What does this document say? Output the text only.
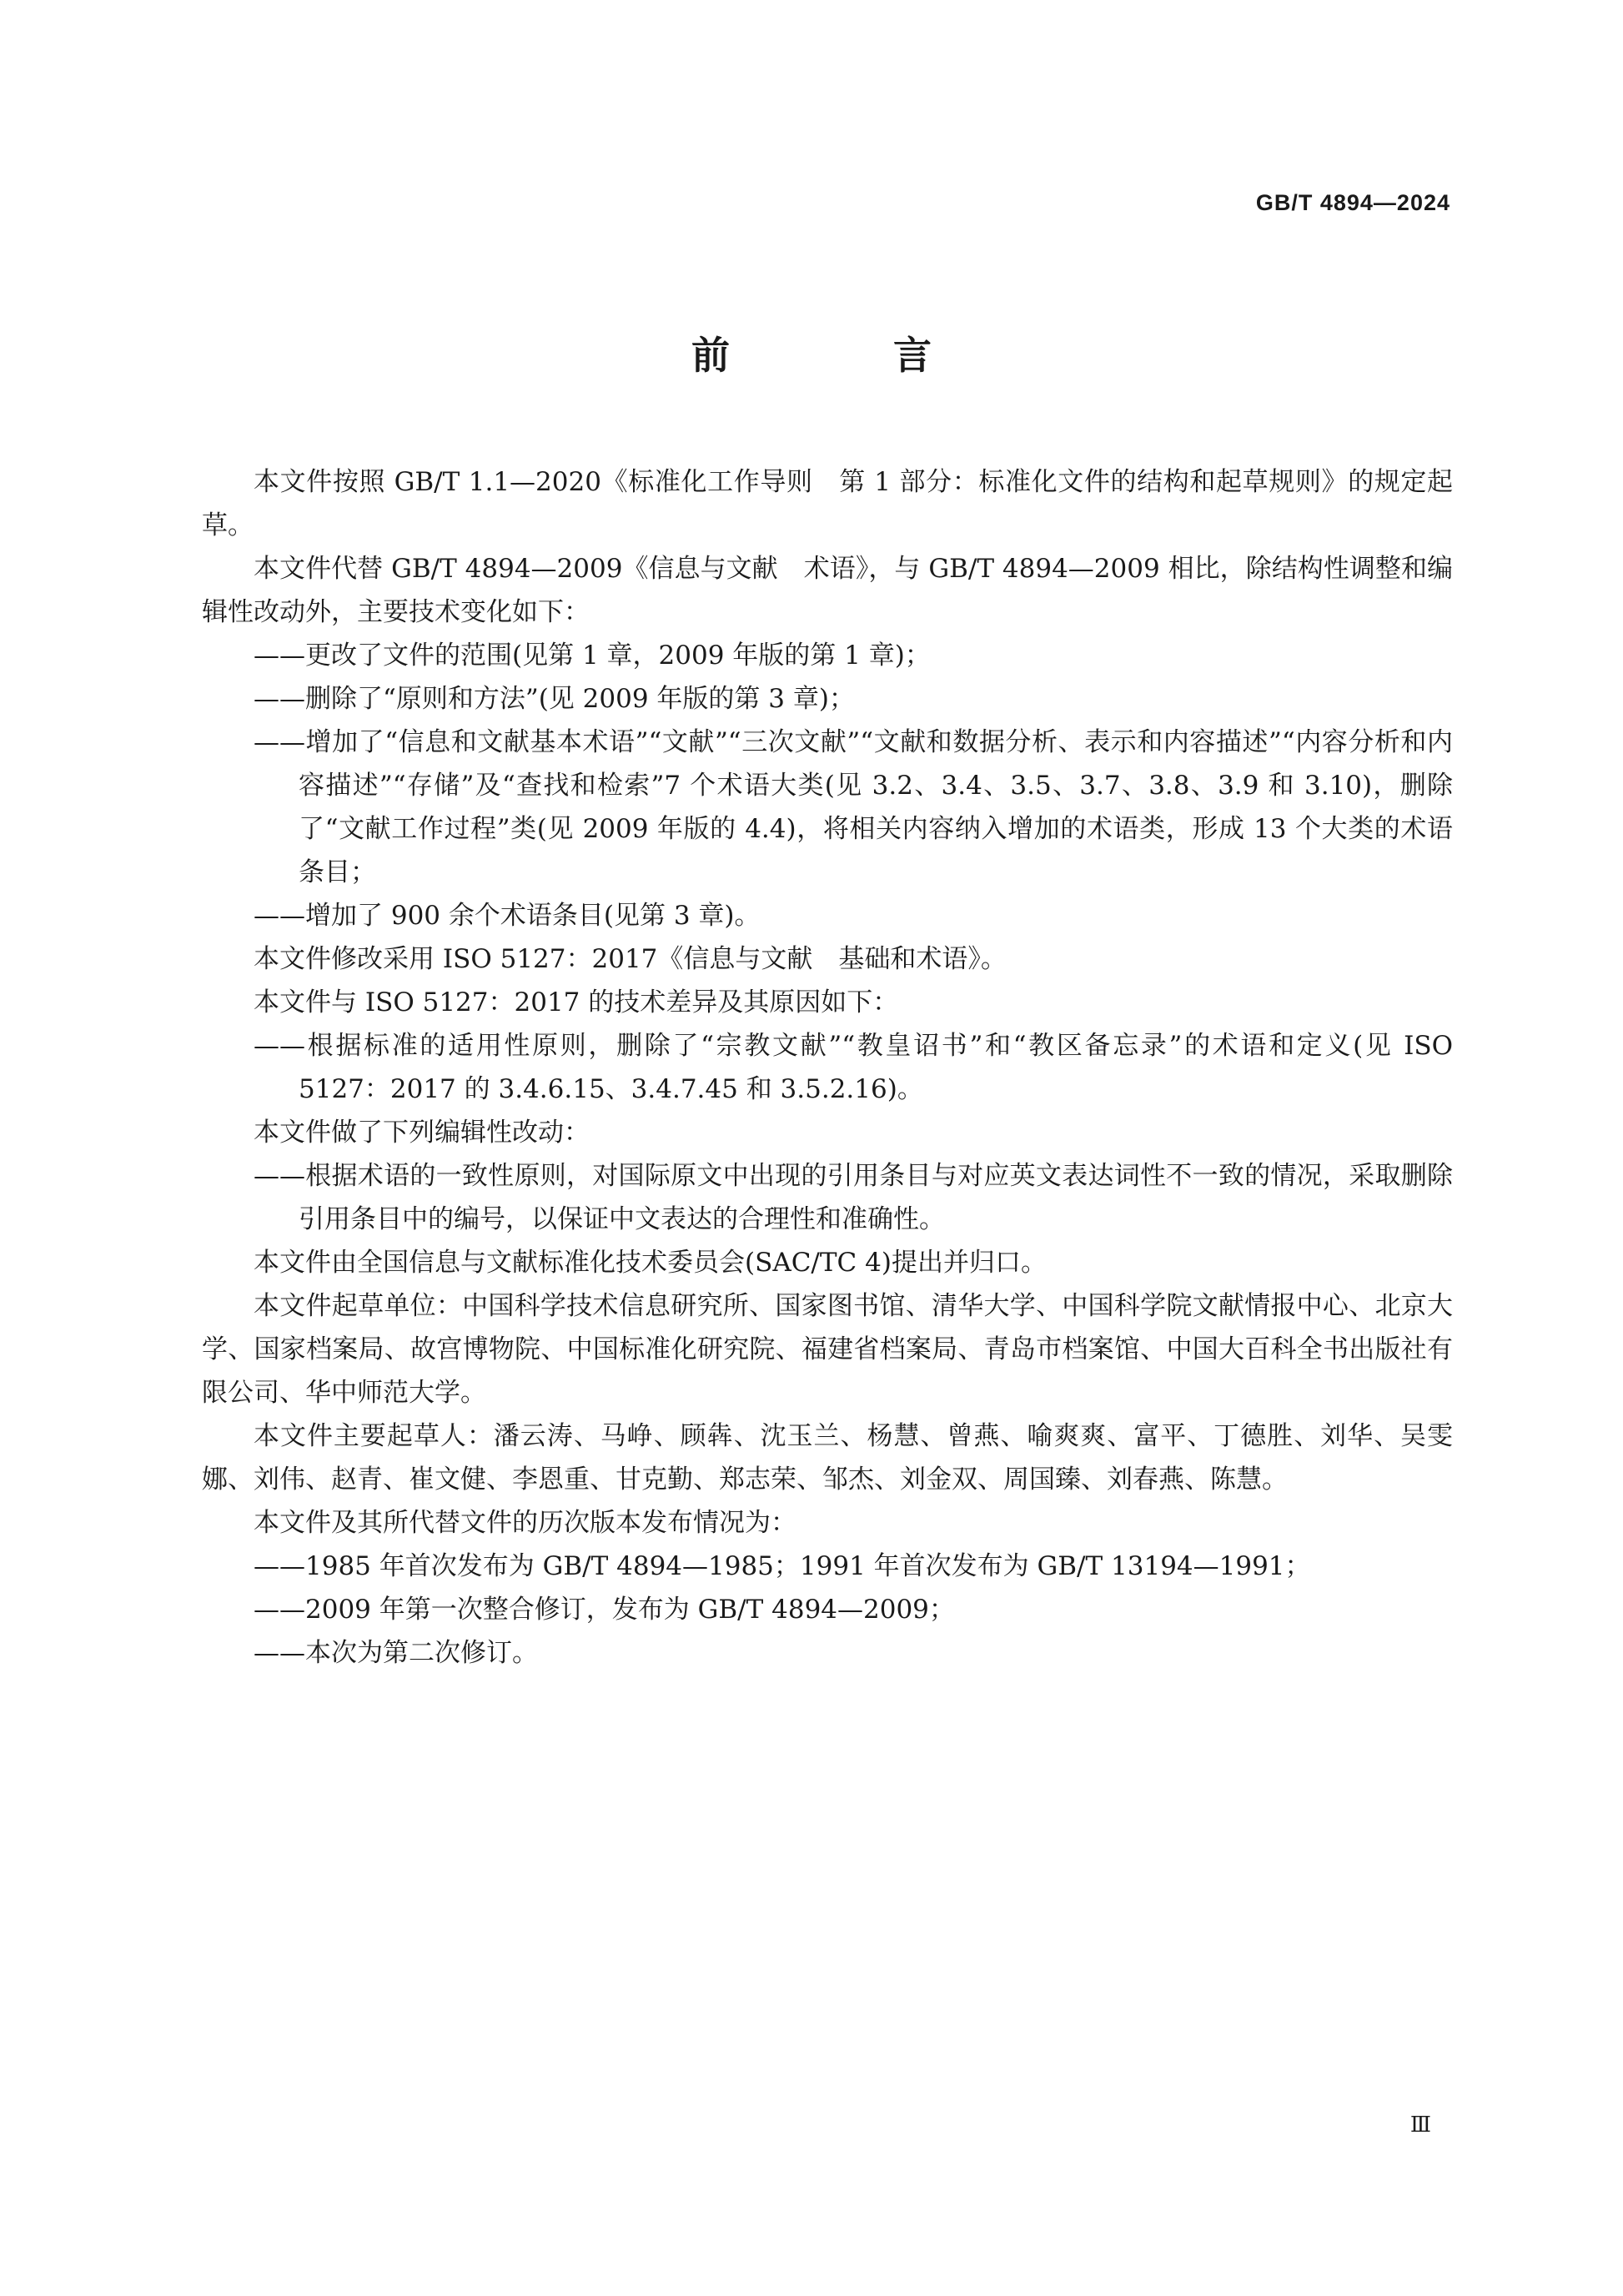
GB/T 4894—2024
前 言

本文件按照 GB/T 1.1—2020《标准化工作导则　第 1 部分：标准化文件的结构和起草规则》的规定起草。

本文件代替 GB/T 4894—2009《信息与文献　术语》，与 GB/T 4894—2009 相比，除结构性调整和编辑性改动外，主要技术变化如下：

——更改了文件的范围(见第 1 章，2009 年版的第 1 章)；

——删除了“原则和方法”(见 2009 年版的第 3 章)；

——增加了“信息和文献基本术语”“文献”“三次文献”“文献和数据分析、表示和内容描述”“内容分析和内容描述”“存储”及“查找和检索”7 个术语大类(见 3.2、3.4、3.5、3.7、3.8、3.9 和 3.10)，删除了“文献工作过程”类(见 2009 年版的 4.4)，将相关内容纳入增加的术语类，形成 13 个大类的术语条目；

——增加了 900 余个术语条目(见第 3 章)。

本文件修改采用 ISO 5127：2017《信息与文献　基础和术语》。

本文件与 ISO 5127：2017 的技术差异及其原因如下：

——根据标准的适用性原则，删除了“宗教文献”“教皇诏书”和“教区备忘录”的术语和定义(见 ISO 5127：2017 的 3.4.6.15、3.4.7.45 和 3.5.2.16)。

本文件做了下列编辑性改动：

——根据术语的一致性原则，对国际原文中出现的引用条目与对应英文表达词性不一致的情况，采取删除引用条目中的编号，以保证中文表达的合理性和准确性。

本文件由全国信息与文献标准化技术委员会(SAC/TC 4)提出并归口。

本文件起草单位：中国科学技术信息研究所、国家图书馆、清华大学、中国科学院文献情报中心、北京大学、国家档案局、故宫博物院、中国标准化研究院、福建省档案局、青岛市档案馆、中国大百科全书出版社有限公司、华中师范大学。

本文件主要起草人：潘云涛、马峥、顾犇、沈玉兰、杨慧、曾燕、喻爽爽、富平、丁德胜、刘华、吴雯娜、刘伟、赵青、崔文健、李恩重、甘克勤、郑志荣、邹杰、刘金双、周国臻、刘春燕、陈慧。

本文件及其所代替文件的历次版本发布情况为：

——1985 年首次发布为 GB/T 4894—1985；1991 年首次发布为 GB/T 13194—1991；

——2009 年第一次整合修订，发布为 GB/T 4894—2009；

——本次为第二次修订。

Ⅲ
